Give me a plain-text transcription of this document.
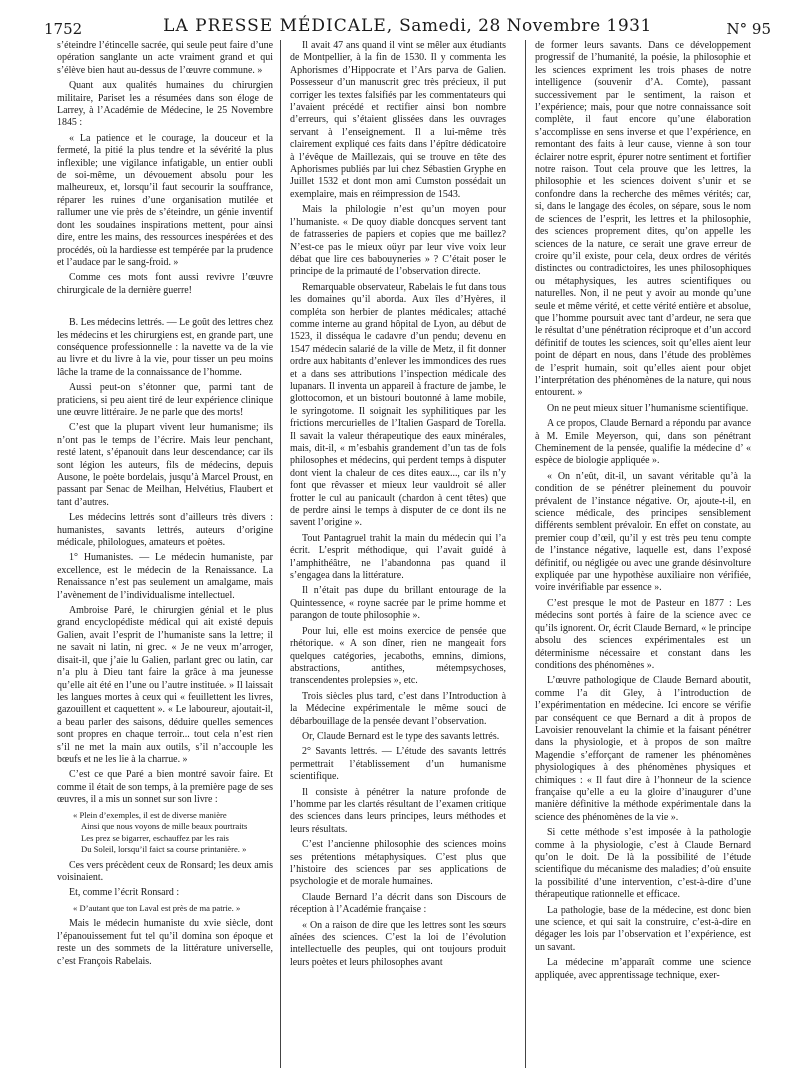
1752	LA PRESSE MÉDICALE, Samedi, 28 Novembre 1931	N° 95

s’éteindre l’étincelle sacrée, qui seule peut faire d’une opération sanglante un acte vraiment grand et qui s’élève bien haut au-dessus de l’œuvre commune. »

Quant aux qualités humaines du chirurgien militaire, Pariset les a résumées dans son éloge de Larrey, à l’Académie de Médecine, le 25 Novembre 1845 :

« La patience et le courage, la douceur et la fermeté, la pitié la plus tendre et la sévérité la plus inflexible; une vigilance infatigable, un entier oubli de soi-même, un dévouement absolu pour les malheureux, et, lorsqu’il faut secourir la souffrance, réparer les ruines d’une organisation mutilée et rallumer une vie près de s’éteindre, un génie inventif dont les soudaines inspirations mettent, pour ainsi dire, entre les mains, des ressources inespérées et des procédés, où la hardiesse est tempérée par la prudence et l’audace par le sang-froid. »

Comme ces mots font aussi revivre l’œuvre chirurgicale de la dernière guerre!

B. Les médecins lettrés. — Le goût des lettres chez les médecins et les chirurgiens est, en grande part, une conséquence professionnelle : la navette va de la vie au livre et du livre à la vie, pour tisser un peu moins lâche la trame de la connaissance de l’homme.

Aussi peut-on s’étonner que, parmi tant de praticiens, si peu aient tiré de leur expérience clinique une œuvre littéraire. Je ne parle que des morts!

C’est que la plupart vivent leur humanisme; ils n’ont pas le temps de l’écrire. Mais leur penchant, resté latent, s’épanouit dans leur descendance; car ils sont légion les auteurs, fils de médecins, depuis Ausone, le poète bordelais, jusqu’à Marcel Proust, en passant par Senac de Meilhan, Helvétius, Flaubert et tant d’autres.

Les médecins lettrés sont d’ailleurs très divers : humanistes, savants lettrés, auteurs d’origine médicale, philologues, amateurs et poètes.

1° Humanistes. — Le médecin humaniste, par excellence, est le médecin de la Renaissance. La Renaissance n’est pas seulement un amalgame, mais l’avènement de l’individualisme intellectuel.

Ambroise Paré, le chirurgien génial et le plus grand encyclopédiste médical qui ait existé depuis Galien, avait l’esprit de l’humaniste sans la lettre; il ne savait ni latin, ni grec. « Je ne veux m’arroger, disait-il, que j’aie lu Galien, parlant grec ou latin, car n’a plu à Dieu tant faire la grâce à ma jeunesse qu’elle ait été en l’une ou l’autre instituée. » Il laissait les langues mortes à ceux qui « feuillettent les livres, gazouillent et caquettent ». « Le laboureur, ajoutait-il, a beau parler des saisons, déduire quelles semences sont propres en chaque terroir... tout cela n’est rien s’il ne met la main aux outils, s’il n’accouple les bœufs et ne les lie à la charrue. »

C’est ce que Paré a bien montré savoir faire. Et comme il était de son temps, à la première page de ses œuvres, il a mis un sonnet sur son livre :

« Plein d’exemples, il est de diverse manière
Ainsi que nous voyons de mille beaux pourtraits
Les prez se bigarrer, eschauffez par les rais
Du Soleil, lorsqu’il faict sa course printanière. »

Ces vers précèdent ceux de Ronsard; les deux amis voisinaient.

Et, comme l’écrit Ronsard :

« D’autant que ton Laval est près de ma patrie. »

Mais le médecin humaniste du xvie siècle, dont l’épanouissement fut tel qu’il domina son époque et reste un des sommets de la littérature universelle, c’est François Rabelais.

Il avait 47 ans quand il vint se mêler aux étudiants de Montpellier, à la fin de 1530. Il y commenta les Aphorismes d’Hippocrate et l’Ars parva de Galien. Possesseur d’un manuscrit grec très précieux, il put corriger les textes falsifiés par les commentateurs qui l’avaient précédé et rectifier ainsi bon nombre d’erreurs, qui s’étaient glissées dans les ouvrages servant à l’enseignement. Il a lui-même très clairement expliqué ces faits dans l’épître dédicatoire à l’évêque de Maillezais, qui se trouve en tête des Aphorismes publiés par lui chez Sébastien Gryphe en Juillet 1532 et dont mon ami Cumston possédait un exemplaire, mais en réimpression de 1543.

Mais la philologie n’est qu’un moyen pour l’humaniste. « De quoy diable doncques servent tant de fatrasseries de papiers et copies que me baillez? N’est-ce pas le mieux oüyr par leur vive voix leur débat que lire ces babouyneries » ? C’était poser le principe de la primauté de l’observation directe.

Remarquable observateur, Rabelais le fut dans tous les domaines qu’il aborda. Aux îles d’Hyères, il compléta son herbier de plantes médicales; attaché comme interne au grand hôpital de Lyon, au début de 1523, il disséqua le cadavre d’un pendu; devenu en 1547 médecin salarié de la ville de Metz, il fit donner ordre aux habitants d’enlever les immondices des rues et a dans ses attributions l’inspection médicale des lupanars. Il inventa un appareil à fracture de jambe, le glottocomon, et un bistouri boutonné à lame mobile, le syringotome. Il soignait les syphilitiques par les frictions mercurielles de l’Italien Gaspard de Torella. Il savait la valeur thérapeutique des eaux minérales, mais, dit-il, « m’esbahis grandement d’un tas de fols philosophes et médecins, qui perdent temps à disputer dont vient la chaleur de ces dites eaux..., car ils n’y font que rêvasser et mieux leur vauldroit sé aller frotter le cul au panicault (chardon à cent têtes) que de perdre ainsi le temps à disputer de ce dont ils ne savent l’origine ».

Tout Pantagruel trahit la main du médecin qui l’a écrit. L’esprit méthodique, qui l’avait guidé à l’amphithéâtre, ne l’abandonna pas quand il s’engagea dans la littérature.

Il n’était pas dupe du brillant entourage de la Quintessence, « royne sacrée par le prime homme et parangon de toute philosophie ».

Pour lui, elle est moins exercice de pensée que rhétorique. « A son dîner, rien ne mangeait fors quelques catégories, jecaboths, emnins, dimions, abstractions, antithes, métempsychoses, transcendentes prolepsies », etc.

Trois siècles plus tard, c’est dans l’Introduction à la Médecine expérimentale le même souci de débarbouillage de la pensée devant l’observation.

Or, Claude Bernard est le type des savants lettrés.

2° Savants lettrés. — L’étude des savants lettrés permettrait l’établissement d’un humanisme scientifique.

Il consiste à pénétrer la nature profonde de l’homme par les clartés résultant de l’examen critique des sciences dans leurs principes, leurs méthodes et leurs résultats.

C’est l’ancienne philosophie des sciences moins ses prétentions métaphysiques. C’est plus que l’histoire des sciences par ses applications de psychologie et de morale humaines.

Claude Bernard l’a décrit dans son Discours de réception à l’Académie française :

« On a raison de dire que les lettres sont les sœurs aînées des sciences. C’est la loi de l’évolution intellectuelle des peuples, qui ont toujours produit leurs poètes et leurs philosophes avant

de former leurs savants. Dans ce développement progressif de l’humanité, la poésie, la philosophie et les sciences expriment les trois phases de notre intelligence (souvenir d’A. Comte), passant successivement par le sentiment, la raison et l’expérience; mais, pour que notre connaissance soit complète, il faut encore qu’une élaboration s’accomplisse en sens inverse et que l’expérience, en remontant des faits à leur cause, vienne à son tour éclairer notre esprit, épurer notre sentiment et fortifier notre raison. Tout cela prouve que les lettres, la philosophie et les sciences doivent s’unir et se confondre dans la recherche des mêmes vérités; car, si, dans le langage des écoles, on sépare, sous le nom de sciences de l’esprit, les lettres et la philosophie, des sciences proprement dites, qu’on appelle les sciences de la nature, ce serait une grave erreur de croire qu’il existe, pour cela, deux ordres de vérités distinctes ou contradictoires, les unes philosophiques ou métaphysiques, les autres scientifiques ou naturelles. Non, il ne peut y avoir au monde qu’une seule et même vérité, et cette vérité entière et absolue, que l’homme poursuit avec tant d’ardeur, ne sera que le résultat d’une pénétration réciproque et d’un accord définitif de toutes les sciences, soit qu’elles aient leur point de départ en nous, dans l’étude des problèmes de l’esprit humain, soit qu’elles aient pour objet l’interprétation des phénomènes de la nature, qui nous entourent. »

On ne peut mieux situer l’humanisme scientifique.

A ce propos, Claude Bernard a répondu par avance à M. Emile Meyerson, qui, dans son pénétrant Cheminement de la pensée, qualifie la médecine d’ « espèce de biologie appliquée ».

« On n’eût, dit-il, un savant véritable qu’à la condition de se pénétrer pleinement du pouvoir prévalent de l’instance négative. Or, ajoute-t-il, en science médicale, des principes sensiblement différents semblent prévaloir. En effet on constate, au premier coup d’œil, qu’il y est très peu tenu compte de l’instance négative, laquelle est, dans l’exposé définitif, ou négligée ou avec une grande désinvolture expliquée par une hypothèse auxiliaire non vérifiée, voire invérifiable par essence ».

C’est presque le mot de Pasteur en 1877 : Les médecins sont portés à faire de la science avec ce qu’ils ignorent. Or, écrit Claude Bernard, « le principe absolu des sciences expérimentales est un déterminisme nécessaire et constant dans les conditions des phénomènes ».

L’œuvre pathologique de Claude Bernard aboutit, comme l’a dit Gley, à l’introduction de l’expérimentation en médecine. Ici encore se vérifie par conséquent ce que Bernard a dit à propos de Lavoisier renouvelant la chimie et la faisant pénétrer dans la physiologie, et à propos de son maître Magendie s’efforçant de ramener les phénomènes physiologiques à des phénomènes physiques et chimiques : « Il faut dire à l’honneur de la science française qu’elle a eu la gloire d’inaugurer d’une manière définitive la méthode expérimentale dans la science des phénomènes de la vie ».

Si cette méthode s’est imposée à la pathologie comme à la physiologie, c’est à Claude Bernard qu’on le doit. De là la possibilité de l’étude scientifique du mécanisme des maladies; d’où ensuite la possibilité d’une intervention, c’est-à-dire d’une thérapeutique rationnelle et efficace.

La pathologie, base de la médecine, est donc bien une science, et qui sait la construire, c’est-à-dire en dégager les lois par l’observation et l’expérience, est un savant.

La médecine m’apparaît comme une science appliquée, avec apprentissage technique, exer-
